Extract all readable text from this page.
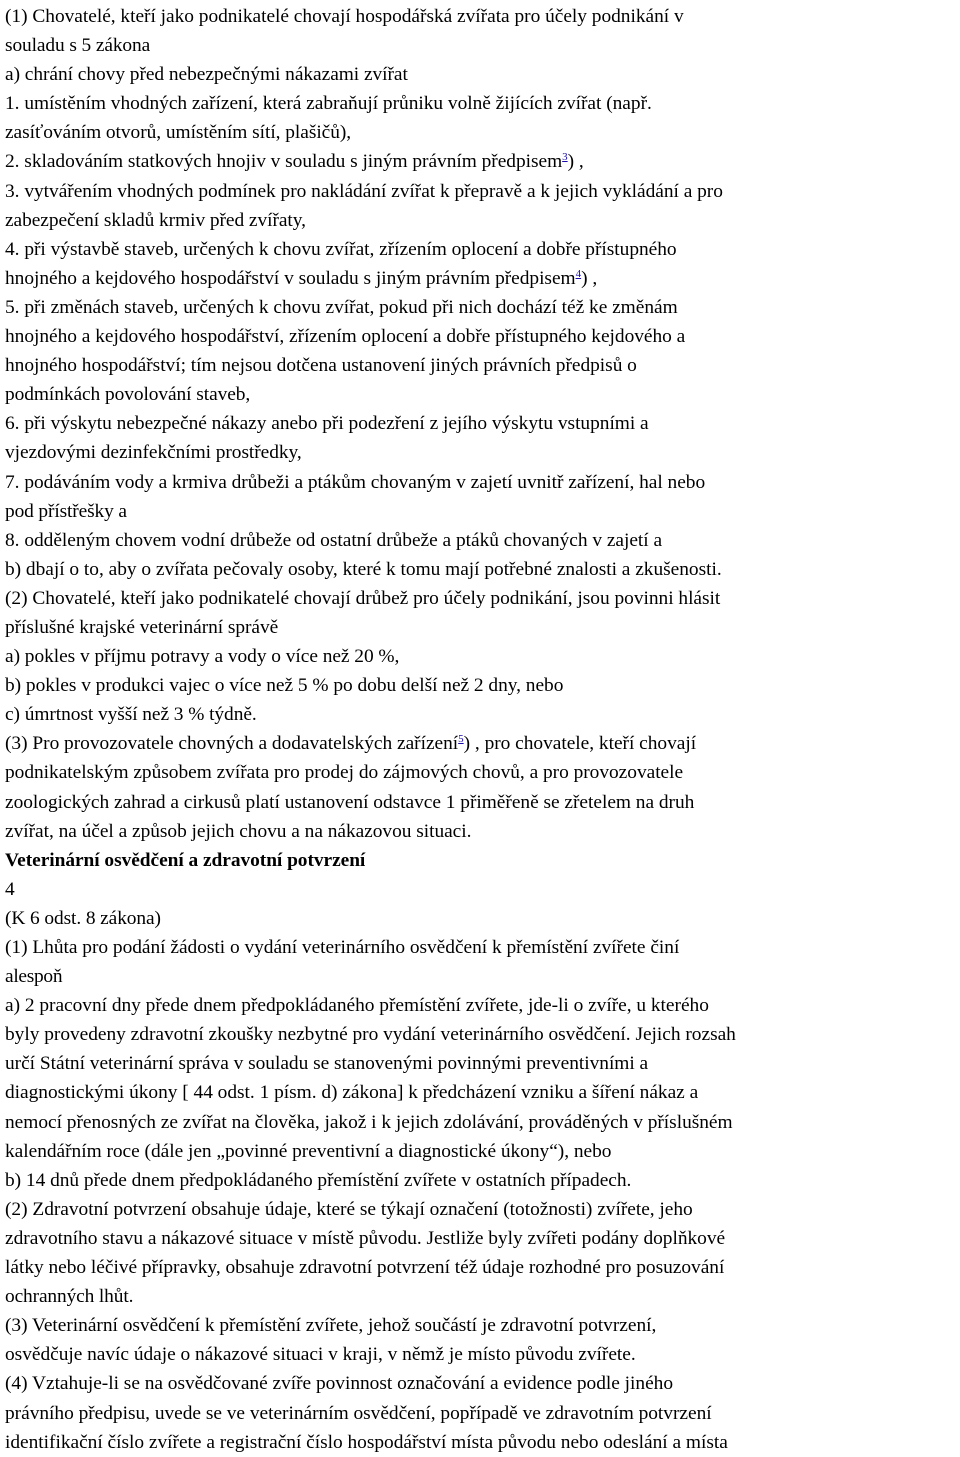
(1) Chovatelé, kteří jako podnikatelé chovají hospodářská zvířata pro účely podnikání v
souladu s 5 zákona
a) chrání chovy před nebezpečnými nákazami zvířat
1. umístěním vhodných zařízení, která zabraňují průniku volně žijících zvířat (např.
zasíťováním otvorů, umístěním sítí, plašičů),
2. skladováním statkových hnojiv v souladu s jiným právním předpisem$^3$) ,
3. vytvářením vhodných podmínek pro nakládání zvířat k přepravě a k jejich vykládání a pro
zabezpečení skladů krmiv před zvířaty,
4. při výstavbě staveb, určených k chovu zvířat, zřízením oplocení a dobře přístupného
hnojného a kejdového hospodářství v souladu s jiným právním předpisem$^4$) ,
5. při změnách staveb, určených k chovu zvířat, pokud při nich dochází též ke změnám
hnojného a kejdového hospodářství, zřízením oplocení a dobře přístupného kejdového a
hnojného hospodářství; tím nejsou dotčena ustanovení jiných právních předpisů o
podmínkách povolování staveb,
6. při výskytu nebezpečné nákazy anebo při podezření z jejího výskytu vstupními a
vjezdovými dezinfekčními prostředky,
7. podáváním vody a krmiva drůbeži a ptákům chovaným v zajetí uvnitř zařízení, hal nebo
pod přístřešky a
8. odděleným chovem vodní drůbeže od ostatní drůbeže a ptáků chovaných v zajetí a
b) dbají o to, aby o zvířata pečovaly osoby, které k tomu mají potřebné znalosti a zkušenosti.
(2) Chovatelé, kteří jako podnikatelé chovají drůbež pro účely podnikání, jsou povinni hlásit
příslušné krajské veterinární správě
a) pokles v příjmu potravy a vody o více než 20 %,
b) pokles v produkci vajec o více než 5 % po dobu delší než 2 dny, nebo
c) úmrtnost vyšší než 3 % týdně.
(3) Pro provozovatele chovných a dodavatelských zařízení$^5$) , pro chovatele, kteří chovají
podnikatelským způsobem zvířata pro prodej do zájmových chovů, a pro provozovatele
zoologických zahrad a cirkusů platí ustanovení odstavce 1 přiměřeně se zřetelem na druh
zvířat, na účel a způsob jejich chovu a na nákazovou situaci.
Veterinární osvědčení a zdravotní potvrzení
4
(K 6 odst. 8 zákona)
(1) Lhůta pro podání žádosti o vydání veterinárního osvědčení k přemístění zvířete činí
alespoň
a) 2 pracovní dny přede dnem předpokládaného přemístění zvířete, jde-li o zvíře, u kterého
byly provedeny zdravotní zkoušky nezbytné pro vydání veterinárního osvědčení. Jejich rozsah
určí Státní veterinární správa v souladu se stanovenými povinnými preventivními a
diagnostickými úkony [ 44 odst. 1 písm. d) zákona] k předcházení vzniku a šíření nákaz a
nemocí přenosných ze zvířat na člověka, jakož i k jejich zdolávání, prováděných v příslušném
kalendářním roce (dále jen „povinné preventivní a diagnostické úkony“), nebo
b) 14 dnů přede dnem předpokládaného přemístění zvířete v ostatních případech.
(2) Zdravotní potvrzení obsahuje údaje, které se týkají označení (totožnosti) zvířete, jeho
zdravotního stavu a nákazové situace v místě původu. Jestliže byly zvířeti podány doplňkové
látky nebo léčivé přípravky, obsahuje zdravotní potvrzení též údaje rozhodné pro posuzování
ochranných lhůt.
(3) Veterinární osvědčení k přemístění zvířete, jehož součástí je zdravotní potvrzení,
osvědčuje navíc údaje o nákazové situaci v kraji, v němž je místo původu zvířete.
(4) Vztahuje-li se na osvědčované zvíře povinnost označování a evidence podle jiného
právního předpisu, uvede se ve veterinárním osvědčení, popřípadě ve zdravotním potvrzení
identifikační číslo zvířete a registrační číslo hospodářství místa původu nebo odeslání a místa
